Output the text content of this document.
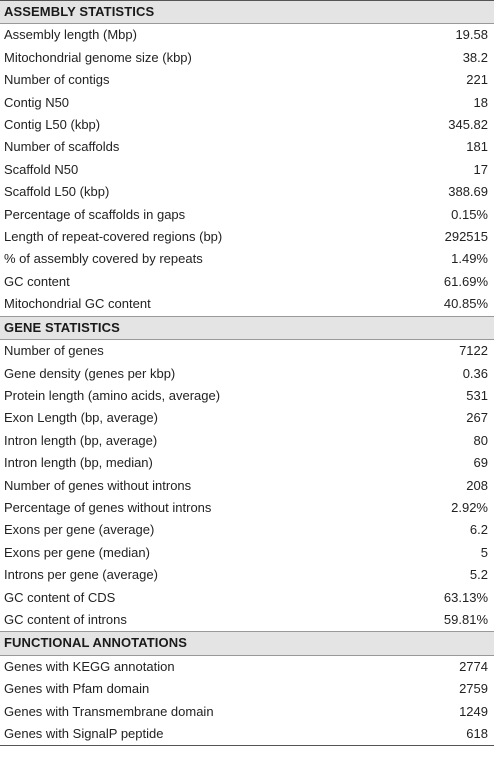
ASSEMBLY STATISTICS	
Assembly length (Mbp)	19.58
Mitochondrial genome size (kbp)	38.2
Number of contigs	221
Contig N50	18
Contig L50 (kbp)	345.82
Number of scaffolds	181
Scaffold N50	17
Scaffold L50 (kbp)	388.69
Percentage of scaffolds in gaps	0.15%
Length of repeat-covered regions (bp)	292515
% of assembly covered by repeats	1.49%
GC content	61.69%
Mitochondrial GC content	40.85%
GENE STATISTICS	
Number of genes	7122
Gene density (genes per kbp)	0.36
Protein length (amino acids, average)	531
Exon Length (bp, average)	267
Intron length (bp, average)	80
Intron length (bp, median)	69
Number of genes without introns	208
Percentage of genes without introns	2.92%
Exons per gene (average)	6.2
Exons per gene (median)	5
Introns per gene (average)	5.2
GC content of CDS	63.13%
GC content of introns	59.81%
FUNCTIONAL ANNOTATIONS	
Genes with KEGG annotation	2774
Genes with Pfam domain	2759
Genes with Transmembrane domain	1249
Genes with SignalP peptide	618
